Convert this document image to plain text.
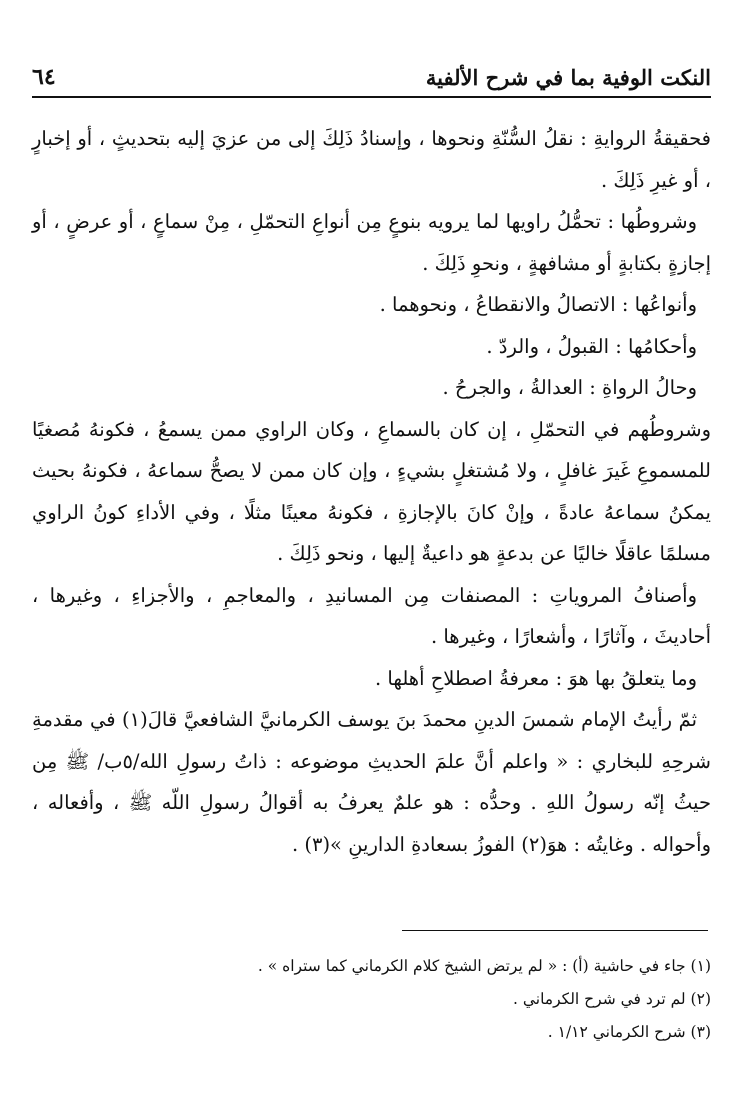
النكت الوفية بما في شرح الألفية
٦٤

فحقيقةُ الروايةِ : نقلُ السُّنّةِ ونحوها ، وإسنادُ ذَلِكَ إلى من عزيَ إليه بتحديثٍ ، أو إخبارٍ ، أو غيرِ ذَلِكَ .

وشروطُها : تحمُّلُ راويها لما يرويه بنوعٍ مِن أنواعِ التحمّلِ ، مِنْ سماعٍ ، أو عرضٍ ، أو إجازةٍ بكتابةٍ أو مشافهةٍ ، ونحوِ ذَلِكَ .

وأنواعُها : الاتصالُ والانقطاعُ ، ونحوهما .

وأحكامُها : القبولُ ، والردّ .

وحالُ الرواةِ : العدالةُ ، والجرحُ .

وشروطُهم في التحمّلِ ، إن كان بالسماعِ ، وكان الراوي ممن يسمعُ ، فكونهُ مُصغيًا للمسموعِ غَيرَ غافلٍ ، ولا مُشتغلٍ بشيءٍ ، وإن كان ممن لا يصحُّ سماعهُ ، فكونهُ بحيث يمكنُ سماعهُ عادةً ، وإنْ كانَ بالإجازةِ ، فكونهُ معينًا مثلًا ، وفي الأداءِ كونُ الراوي مسلمًا عاقلًا خاليًا عن بدعةٍ هو داعيةٌ إليها ، ونحو ذَلِكَ .

وأصنافُ المروياتِ : المصنفات مِن المسانيدِ ، والمعاجمِ ، والأجزاءِ ، وغيرها ، أحاديثَ ، وآثارًا ، وأشعارًا ، وغيرها .

وما يتعلقُ بها هوَ : معرفةُ اصطلاحِ أهلها .

ثمّ رأيتُ الإمام شمسَ الدينِ محمدَ بنَ يوسف الكرمانيَّ الشافعيَّ قالَ(١) في مقدمةِ شرحِهِ للبخاري : « واعلم أنَّ علمَ الحديثِ موضوعه : ذاتُ رسولِ الله/٥ب/ ﷺ مِن حيثُ إنّه رسولُ اللهِ . وحدُّه : هو علمٌ يعرفُ به أقوالُ رسولِ اللّه ﷺ ، وأفعاله ، وأحواله . وغايتُه : هوَ(٢) الفوزُ بسعادةِ الدارينِ »(٣) .

(١) جاء في حاشية (أ) : « لم يرتض الشيخ كلام الكرماني كما ستراه » .

(٢) لم ترد في شرح الكرماني .

(٣) شرح الكرماني ١/١٢ .
